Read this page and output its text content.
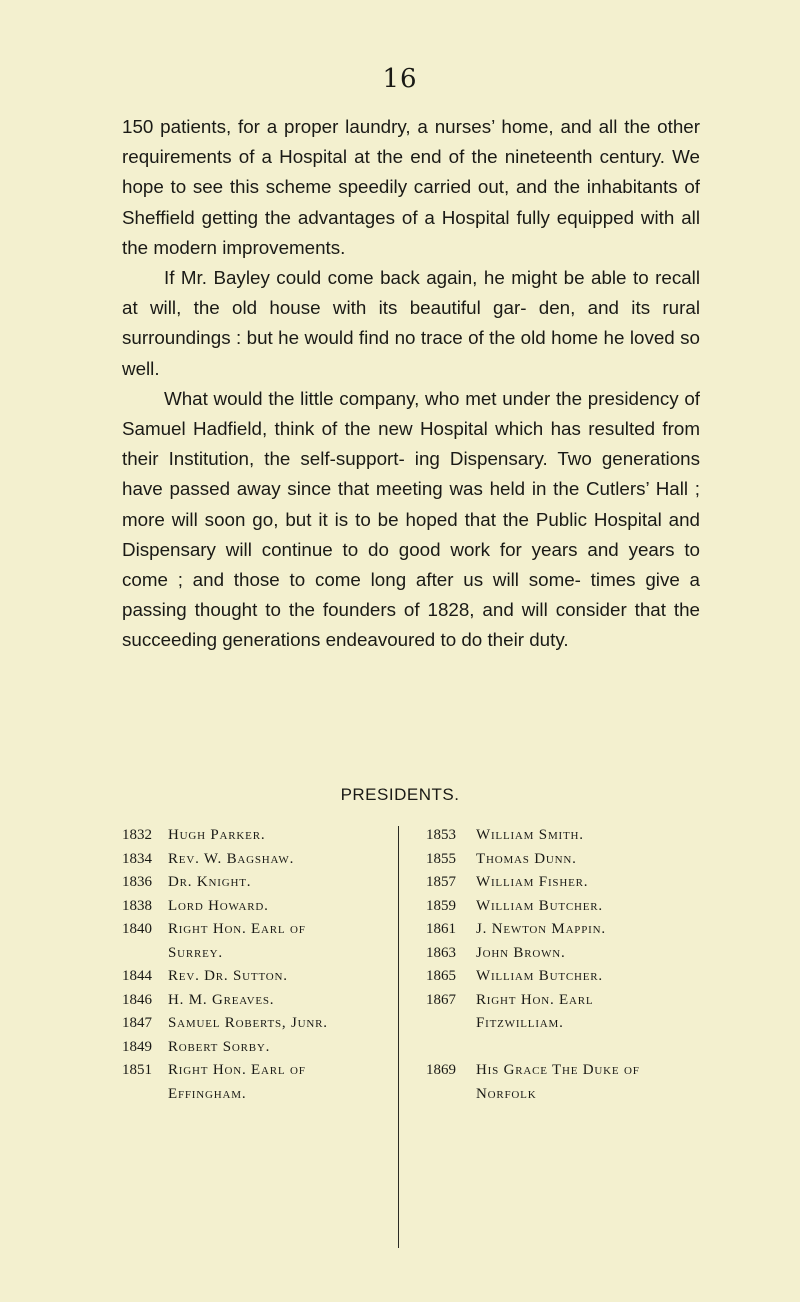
16

150 patients, for a proper laundry, a nurses’ home, and all the other requirements of a Hospital at the end of the nineteenth century. We hope to see this scheme speedily carried out, and the inhabitants of Sheffield getting the advantages of a Hospital fully equipped with all the modern improvements.

If Mr. Bayley could come back again, he might be able to recall at will, the old house with its beautiful gar- den, and its rural surroundings : but he would find no trace of the old home he loved so well.

What would the little company, who met under the presidency of Samuel Hadfield, think of the new Hospital which has resulted from their Institution, the self-support- ing Dispensary. Two generations have passed away since that meeting was held in the Cutlers’ Hall ; more will soon go, but it is to be hoped that the Public Hospital and Dispensary will continue to do good work for years and years to come ; and those to come long after us will some- times give a passing thought to the founders of 1828, and will consider that the succeeding generations endeavoured to do their duty.

PRESIDENTS.
1832	Hugh Parker.
1834	Rev. W. Bagshaw.
1836	Dr. Knight.
1838	Lord Howard.
1840	Right Hon. Earl of

Surrey.
1844	Rev. Dr. Sutton.
1846	H. M. Greaves.
1847	Samuel Roberts, Junr.
1849	Robert Sorby.
1851	Right Hon. Earl of

Effingham.
1853	William Smith.
1855	Thomas Dunn.
1857	William Fisher.
1859	William Butcher.
1861	J. Newton Mappin.
1863	John Brown.
1865	William Butcher.
1867	Right Hon. Earl

Fitzwilliam.

1869	His Grace The Duke of

Norfolk
